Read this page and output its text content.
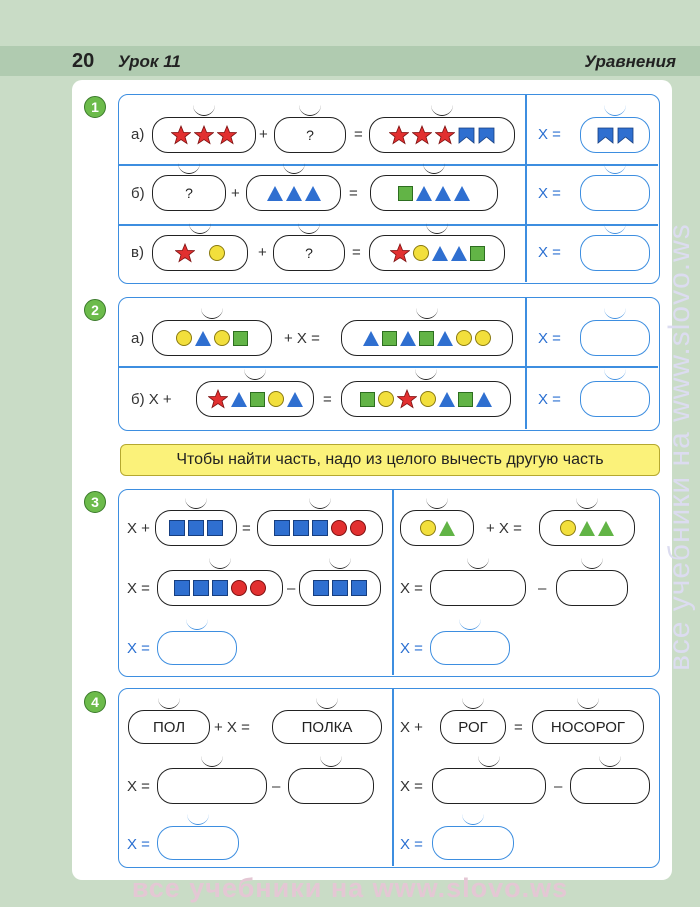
20 Урок 11	Уравнения
1
а)	+	?	=	Х =
б)	?	+	=	Х =
в)	+	?	=	Х =
2
а)	+ Х =	Х =
б) Х +	=	Х =
Чтобы найти часть, надо из целого вычесть другую часть
3
Х +	=
Х =	–
Х =
+ Х =
Х =	–
Х =
4
ПОЛ + Х =	ПОЛКА
Х =	–
Х =
Х + РОГ = НОСОРОГ
Х =	–
Х =
все учебники на www.slovo.ws
все учебники на www.slovo.ws
